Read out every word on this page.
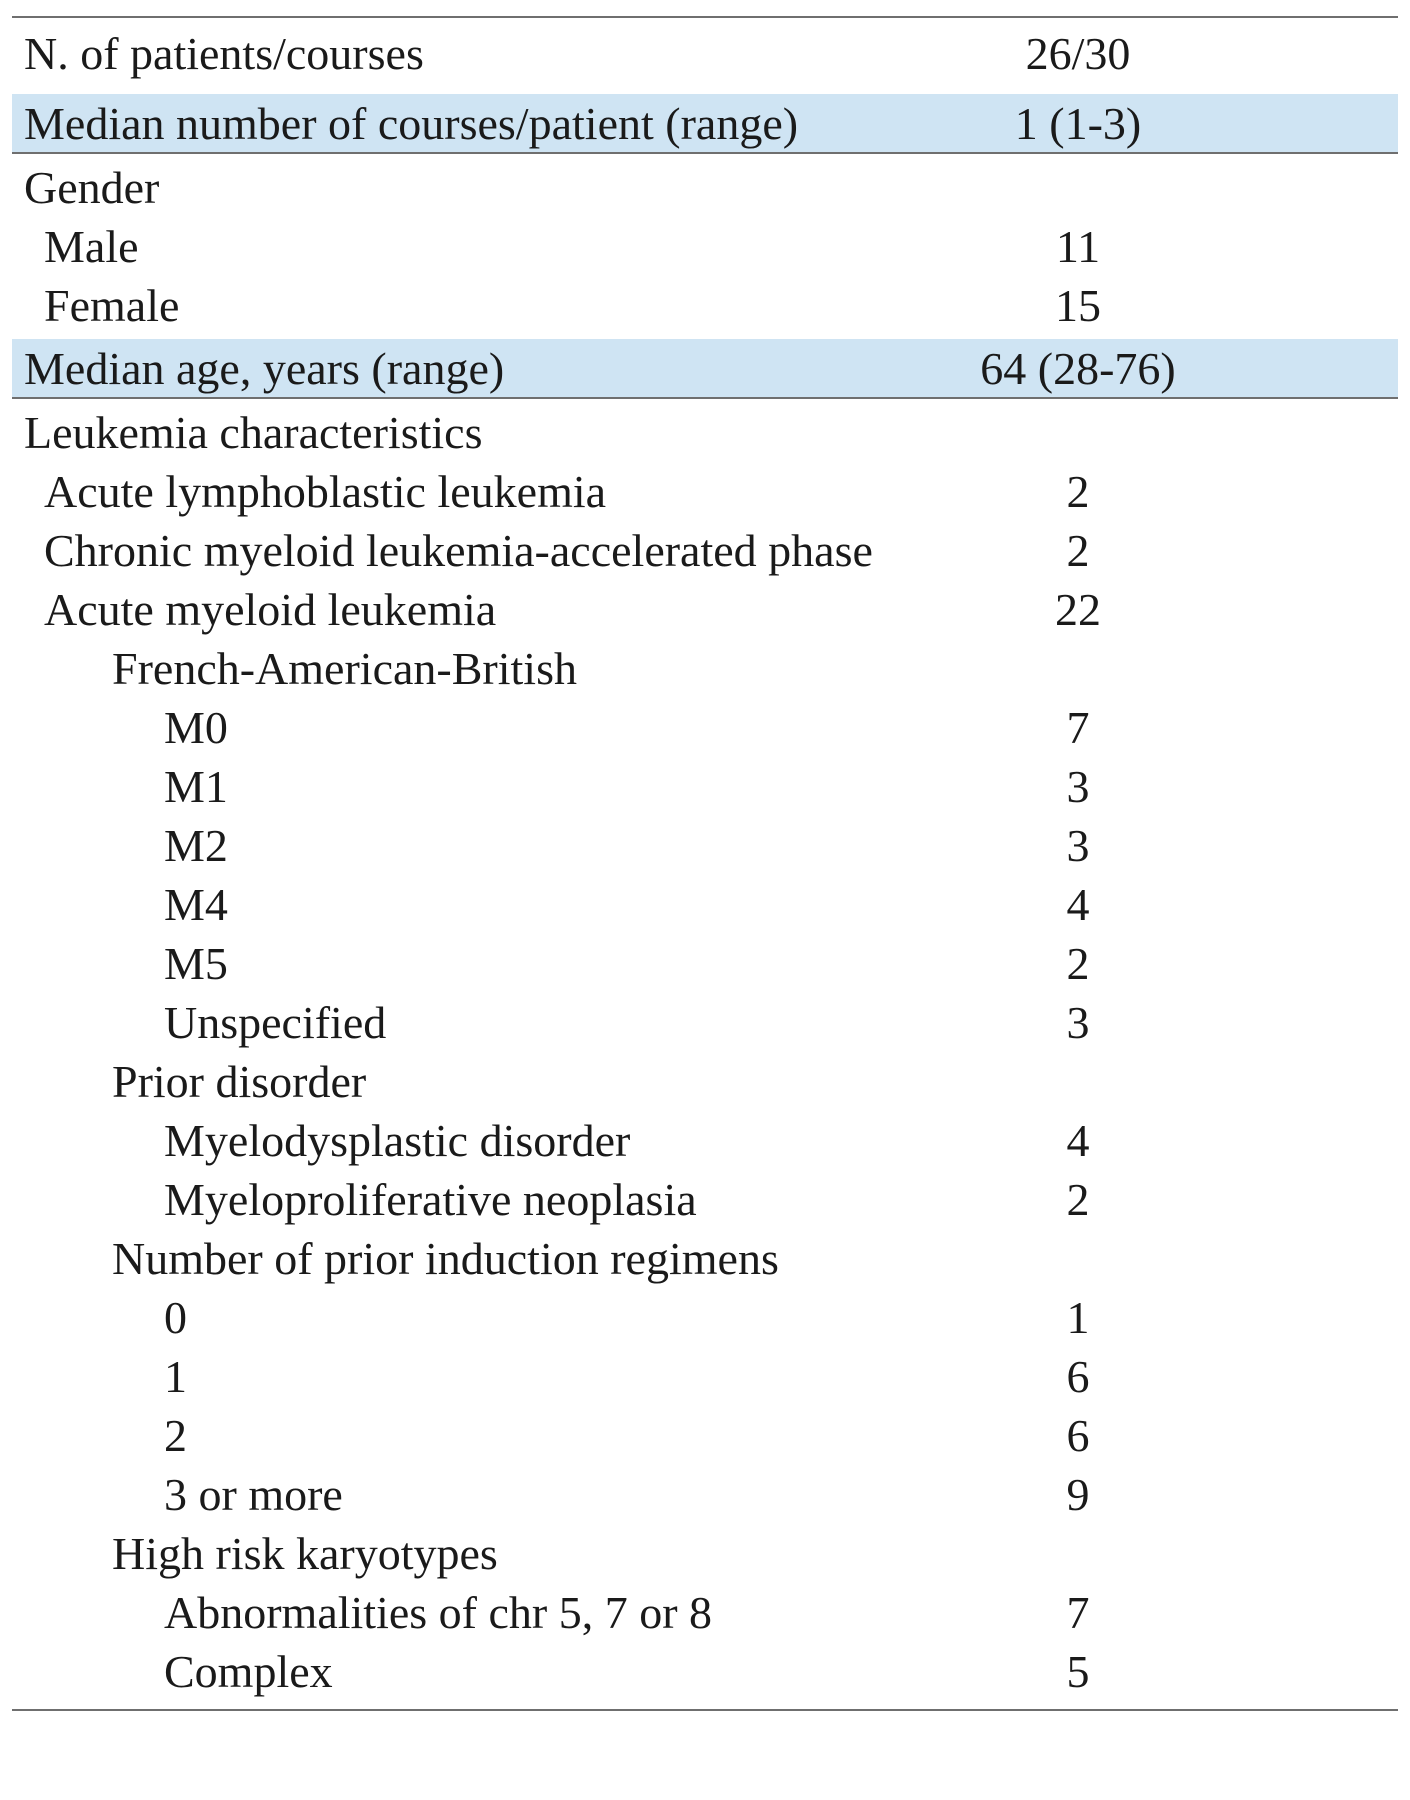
N. of patients/courses	26/30
Median number of courses/patient (range)	1 (1-3)
Gender
Male	11
Female	15
Median age, years (range)	64 (28-76)
Leukemia characteristics
Acute lymphoblastic leukemia	2
Chronic myeloid leukemia-accelerated phase	2
Acute myeloid leukemia	22
French-American-British
M0	7
M1	3
M2	3
M4	4
M5	2
Unspecified	3
Prior disorder
Myelodysplastic disorder	4
Myeloproliferative neoplasia	2
Number of prior induction regimens
0	1
1	6
2	6
3 or more	9
High risk karyotypes
Abnormalities of chr 5, 7 or 8	7
Complex	5
